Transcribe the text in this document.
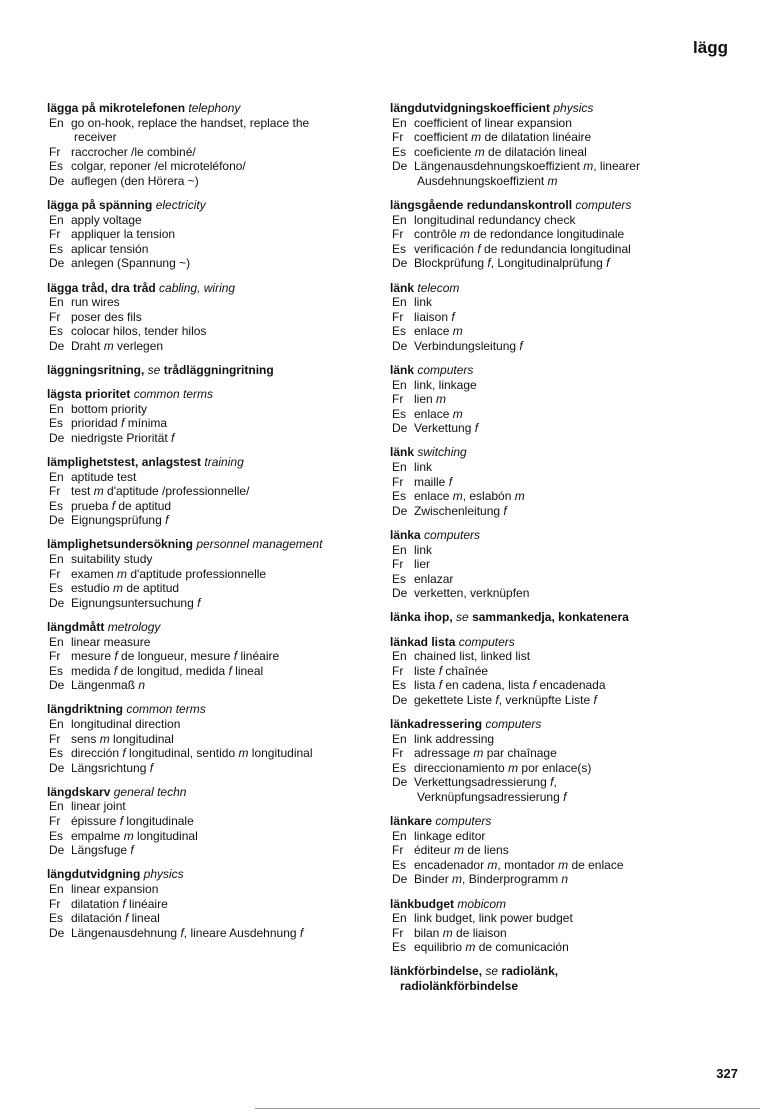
lägg
lägga på mikrotelefonen telephony
En go on-hook, replace the handset, replace the
receiver
Fr raccrocher /le combiné/
Es colgar, reponer /el microteléfono/
De auflegen (den Hörera ~)
lägga på spänning electricity
En apply voltage
Fr appliquer la tension
Es aplicar tensión
De anlegen (Spannung ~)
lägga tråd, dra tråd cabling, wiring
En run wires
Fr poser des fils
Es colocar hilos, tender hilos
De Draht m verlegen
läggningsritning, se trådläggningritning
lägsta prioritet common terms
En bottom priority
Es prioridad f mínima
De niedrigste Priorität f
lämplighetstest, anlagstest training
En aptitude test
Fr test m d'aptitude /professionnelle/
Es prueba f de aptitud
De Eignungsprüfung f
lämplighetsundersökning personnel management
En suitability study
Fr examen m d'aptitude professionnelle
Es estudio m de aptitud
De Eignungsuntersuchung f
längdmått metrology
En linear measure
Fr mesure f de longueur, mesure f linéaire
Es medida f de longitud, medida f lineal
De Längenmaß n
längdriktning common terms
En longitudinal direction
Fr sens m longitudinal
Es dirección f longitudinal, sentido m longitudinal
De Längsrichtung f
längdskarv general techn
En linear joint
Fr épissure f longitudinale
Es empalme m longitudinal
De Längsfuge f
längdutvidgning physics
En linear expansion
Fr dilatation f linéaire
Es dilatación f lineal
De Längenausdehnung f, lineare Ausdehnung f
längdutvidgningskoefficient physics
En coefficient of linear expansion
Fr coefficient m de dilatation linéaire
Es coeficiente m de dilatación lineal
De Längenausdehnungskoeffizient m, linearer
Ausdehnungskoeffizient m
längsgående redundanskontroll computers
En longitudinal redundancy check
Fr contrôle m de redondance longitudinale
Es verificación f de redundancia longitudinal
De Blockprüfung f, Longitudinalprüfung f
länk telecom
En link
Fr liaison f
Es enlace m
De Verbindungsleitung f
länk computers
En link, linkage
Fr lien m
Es enlace m
De Verkettung f
länk switching
En link
Fr maille f
Es enlace m, eslabón m
De Zwischenleitung f
länka computers
En link
Fr lier
Es enlazar
De verketten, verknüpfen
länka ihop, se sammankedja, konkatenera
länkad lista computers
En chained list, linked list
Fr liste f chaînée
Es lista f en cadena, lista f encadenada
De gekettete Liste f, verknüpfte Liste f
länkadressering computers
En link addressing
Fr adressage m par chaînage
Es direccionamiento m por enlace(s)
De Verkettungsadressierung f,
Verknüpfungsadressierung f
länkare computers
En linkage editor
Fr éditeur m de liens
Es encadenador m, montador m de enlace
De Binder m, Binderprogramm n
länkbudget mobicom
En link budget, link power budget
Fr bilan m de liaison
Es equilibrio m de comunicación
länkförbindelse, se radiolänk,
radiolänkförbindelse
327
